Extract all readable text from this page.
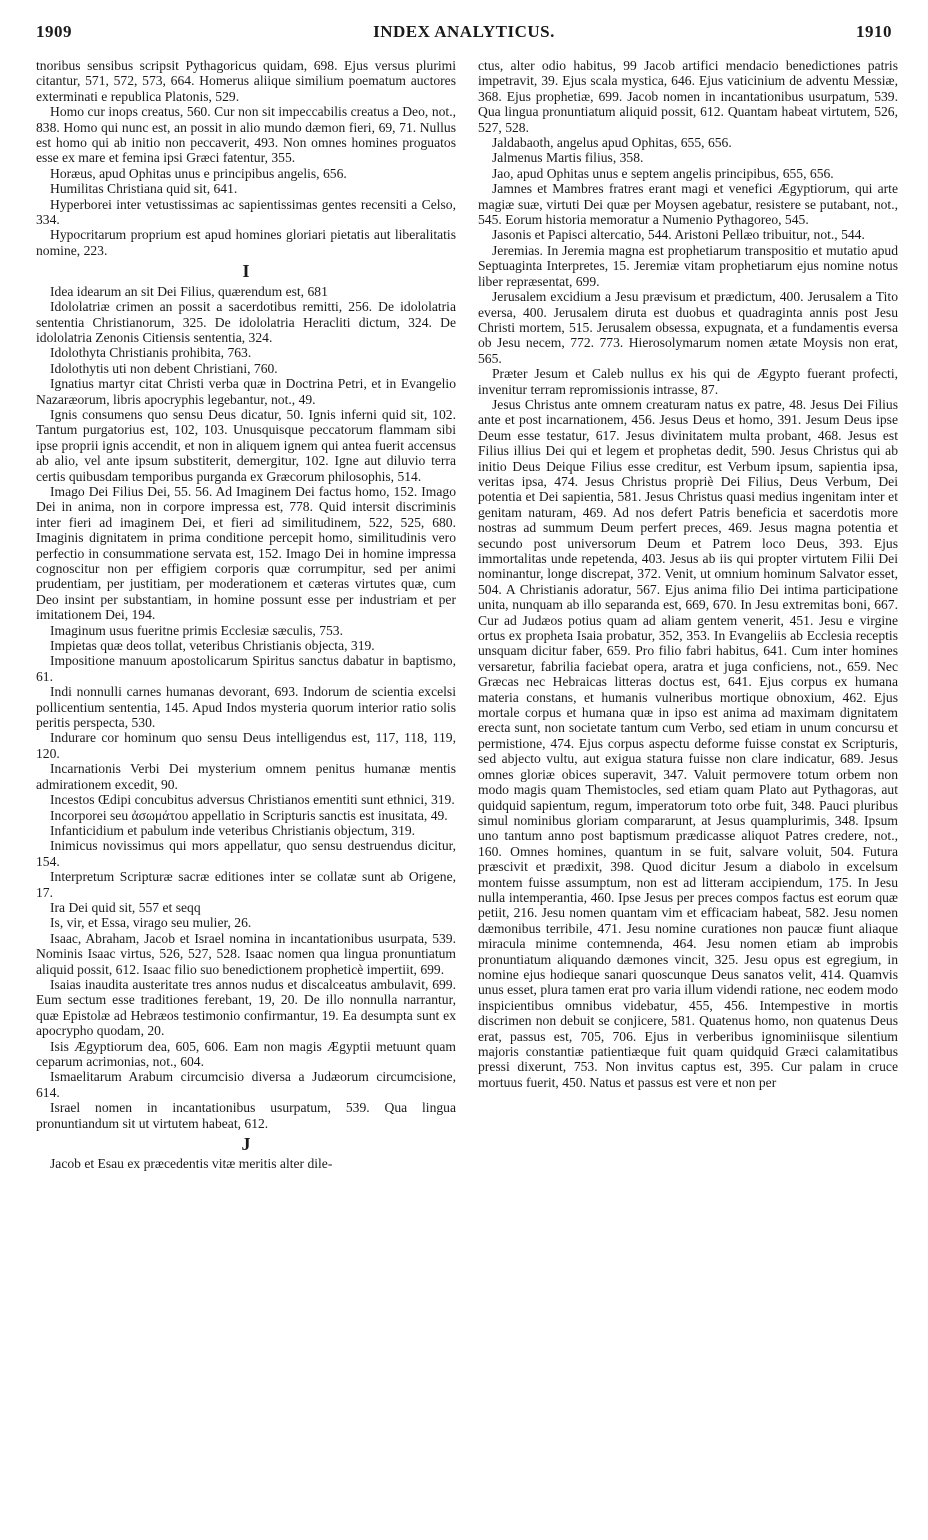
1909	INDEX ANALYTICUS.	1910

tnoribus sensibus scripsit Pythagoricus quidam, 698. Ejus versus plurimi citantur, 571, 572, 573, 664. Homerus aliique similium poematum auctores exterminati e republica Platonis, 529.

Homo cur inops creatus, 560. Cur non sit impeccabilis creatus a Deo, not., 838. Homo qui nunc est, an possit in alio mundo dæmon fieri, 69, 71. Nullus est homo qui ab initio non peccaverit, 493. Non omnes homines proguatos esse ex mare et femina ipsi Græci fatentur, 355.

Horæus, apud Ophitas unus e principibus angelis, 656.

Humilitas Christiana quid sit, 641.

Hyperborei inter vetustissimas ac sapientissimas gentes recensiti a Celso, 334.

Hypocritarum proprium est apud homines gloriari pietatis aut liberalitatis nomine, 223.

I

Idea idearum an sit Dei Filius, quærendum est, 681

Idololatriæ crimen an possit a sacerdotibus remitti, 256. De idololatria sententia Christianorum, 325. De idololatria Heracliti dictum, 324. De idololatria Zenonis Citiensis sententia, 324.

Idolothyta Christianis prohibita, 763.

Idolothytis uti non debent Christiani, 760.

Ignatius martyr citat Christi verba quæ in Doctrina Petri, et in Evangelio Nazaræorum, libris apocryphis legebantur, not., 49.

Ignis consumens quo sensu Deus dicatur, 50. Ignis inferni quid sit, 102. Tantum purgatorius est, 102, 103. Unusquisque peccatorum flammam sibi ipse proprii ignis accendit, et non in aliquem ignem qui antea fuerit accensus ab alio, vel ante ipsum substiterit, demergitur, 102. Igne aut diluvio terra certis quibusdam temporibus purganda ex Græcorum philosophis, 514.

Imago Dei Filius Dei, 55. 56. Ad Imaginem Dei factus homo, 152. Imago Dei in anima, non in corpore impressa est, 778. Quid intersit discriminis inter fieri ad imaginem Dei, et fieri ad similitudinem, 522, 525, 680. Imaginis dignitatem in prima conditione percepit homo, similitudinis vero perfectio in consummatione servata est, 152. Imago Dei in homine impressa cognoscitur non per effigiem corporis quæ corrumpitur, sed per animi prudentiam, per justitiam, per moderationem et cæteras virtutes quæ, cum Deo insint per substantiam, in homine possunt esse per industriam et per imitationem Dei, 194.

Imaginum usus fueritne primis Ecclesiæ sæculis, 753.

Impietas quæ deos tollat, veteribus Christianis objecta, 319.

Impositione manuum apostolicarum Spiritus sanctus dabatur in baptismo, 61.

Indi nonnulli carnes humanas devorant, 693. Indorum de scientia excelsi pollicentium sententia, 145. Apud Indos mysteria quorum interior ratio solis peritis perspecta, 530.

Indurare cor hominum quo sensu Deus intelligendus est, 117, 118, 119, 120.

Incarnationis Verbi Dei mysterium omnem penitus humanæ mentis admirationem excedit, 90.

Incestos Œdipi concubitus adversus Christianos ementiti sunt ethnici, 319.

Incorporei seu ἀσωμάτου appellatio in Scripturis sanctis est inusitata, 49.

Infanticidium et pabulum inde veteribus Christianis objectum, 319.

Inimicus novissimus qui mors appellatur, quo sensu destruendus dicitur, 154.

Interpretum Scripturæ sacræ editiones inter se collatæ sunt ab Origene, 17.

Ira Dei quid sit, 557 et seqq

Is, vir, et Essa, virago seu mulier, 26.

Isaac, Abraham, Jacob et Israel nomina in incantationibus usurpata, 539. Nominis Isaac virtus, 526, 527, 528. Isaac nomen qua lingua pronuntiatum aliquid possit, 612. Isaac filio suo benedictionem propheticè impertiit, 699.

Isaias inaudita austeritate tres annos nudus et discalceatus ambulavit, 699. Eum sectum esse traditiones ferebant, 19, 20. De illo nonnulla narrantur, quæ Epistolæ ad Hebræos testimonio confirmantur, 19. Ea desumpta sunt ex apocrypho quodam, 20.

Isis Ægyptiorum dea, 605, 606. Eam non magis Ægyptii metuunt quam ceparum acrimonias, not., 604.

Ismaelitarum Arabum circumcisio diversa a Judæorum circumcisione, 614.

Israel nomen in incantationibus usurpatum, 539. Qua lingua pronuntiandum sit ut virtutem habeat, 612.

J

Jacob et Esau ex præcedentis vitæ meritis alter dile-

ctus, alter odio habitus, 99 Jacob artifici mendacio benedictiones patris impetravit, 39. Ejus scala mystica, 646. Ejus vaticinium de adventu Messiæ, 368. Ejus prophetiæ, 699. Jacob nomen in incantationibus usurpatum, 539. Qua lingua pronuntiatum aliquid possit, 612. Quantam habeat virtutem, 526, 527, 528.

Jaldabaoth, angelus apud Ophitas, 655, 656.

Jalmenus Martis filius, 358.

Jao, apud Ophitas unus e septem angelis principibus, 655, 656.

Jamnes et Mambres fratres erant magi et venefici Ægyptiorum, qui arte magiæ suæ, virtuti Dei quæ per Moysen agebatur, resistere se putabant, not., 545. Eorum historia memoratur a Numenio Pythagoreo, 545.

Jasonis et Papisci altercatio, 544. Aristoni Pellæo tribuitur, not., 544.

Jeremias. In Jeremia magna est prophetiarum transpositio et mutatio apud Septuaginta Interpretes, 15. Jeremiæ vitam prophetiarum ejus nomine notus liber repræsentat, 699.

Jerusalem excidium a Jesu prævisum et prædictum, 400. Jerusalem a Tito eversa, 400. Jerusalem diruta est duobus et quadraginta annis post Jesu Christi mortem, 515. Jerusalem obsessa, expugnata, et a fundamentis eversa ob Jesu necem, 772. 773. Hierosolymarum nomen ætate Moysis non erat, 565.

Præter Jesum et Caleb nullus ex his qui de Ægypto fuerant profecti, invenitur terram repromissionis intrasse, 87.

Jesus Christus ante omnem creaturam natus ex patre, 48. Jesus Dei Filius ante et post incarnationem, 456. Jesus Deus et homo, 391. Jesum Deus ipse Deum esse testatur, 617. Jesus divinitatem multa probant, 468. Jesus est Filius illius Dei qui et legem et prophetas dedit, 590. Jesus Christus qui ab initio Deus Deique Filius esse creditur, est Verbum ipsum, sapientia ipsa, veritas ipsa, 474. Jesus Christus propriè Dei Filius, Deus Verbum, Dei potentia et Dei sapientia, 581. Jesus Christus quasi medius ingenitam inter et genitam naturam, 469. Ad nos defert Patris beneficia et sacerdotis more nostras ad summum Deum perfert preces, 469. Jesus magna potentia et secundo post universorum Deum et Patrem loco Deus, 393. Ejus immortalitas unde repetenda, 403. Jesus ab iis qui propter virtutem Filii Dei nominantur, longe discrepat, 372. Venit, ut omnium hominum Salvator esset, 504. A Christianis adoratur, 567. Ejus anima filio Dei intima participatione unita, nunquam ab illo separanda est, 669, 670. In Jesu extremitas boni, 667. Cur ad Judæos potius quam ad aliam gentem venerit, 451. Jesu e virgine ortus ex propheta Isaia probatur, 352, 353. In Evangeliis ab Ecclesia receptis unsquam dicitur faber, 659. Pro filio fabri habitus, 641. Cum inter homines versaretur, fabrilia faciebat opera, aratra et juga conficiens, not., 659. Nec Græcas nec Hebraicas litteras doctus est, 641. Ejus corpus ex humana materia constans, et humanis vulneribus mortique obnoxium, 462. Ejus mortale corpus et humana quæ in ipso est anima ad maximam dignitatem erecta sunt, non societate tantum cum Verbo, sed etiam in unum concursu et permistione, 474. Ejus corpus aspectu deforme fuisse constat ex Scripturis, sed abjecto vultu, aut exigua statura fuisse non clare indicatur, 689. Jesus omnes gloriæ obices superavit, 347. Valuit permovere totum orbem non modo magis quam Themistocles, sed etiam quam Plato aut Pythagoras, aut quidquid sapientum, regum, imperatorum toto orbe fuit, 348. Pauci pluribus simul nominibus gloriam compararunt, at Jesus quamplurimis, 348. Ipsum uno tantum anno post baptismum prædicasse aliquot Patres credere, not., 160. Omnes homines, quantum in se fuit, salvare voluit, 504. Futura præscivit et prædixit, 398. Quod dicitur Jesum a diabolo in excelsum montem fuisse assumptum, non est ad litteram accipiendum, 175. In Jesu nulla intemperantia, 460. Ipse Jesus per preces compos factus est eorum quæ petiit, 216. Jesu nomen quantam vim et efficaciam habeat, 582. Jesu nomen dæmonibus terribile, 471. Jesu nomine curationes non paucæ fiunt aliaque miracula minime contemnenda, 464. Jesu nomen etiam ab improbis pronuntiatum aliquando dæmones vincit, 325. Jesu opus est egregium, in nomine ejus hodieque sanari quoscunque Deus sanatos velit, 414. Quamvis unus esset, plura tamen erat pro varia illum videndi ratione, nec eodem modo inspicientibus omnibus videbatur, 455, 456. Intempestive in mortis discrimen non debuit se conjicere, 581. Quatenus homo, non quatenus Deus erat, passus est, 705, 706. Ejus in verberibus ignominiisque silentium majoris constantiæ patientiæque fuit quam quidquid Græci calamitatibus pressi dixerunt, 753. Non invitus captus est, 395. Cur palam in cruce mortuus fuerit, 450. Natus et passus est vere et non per
